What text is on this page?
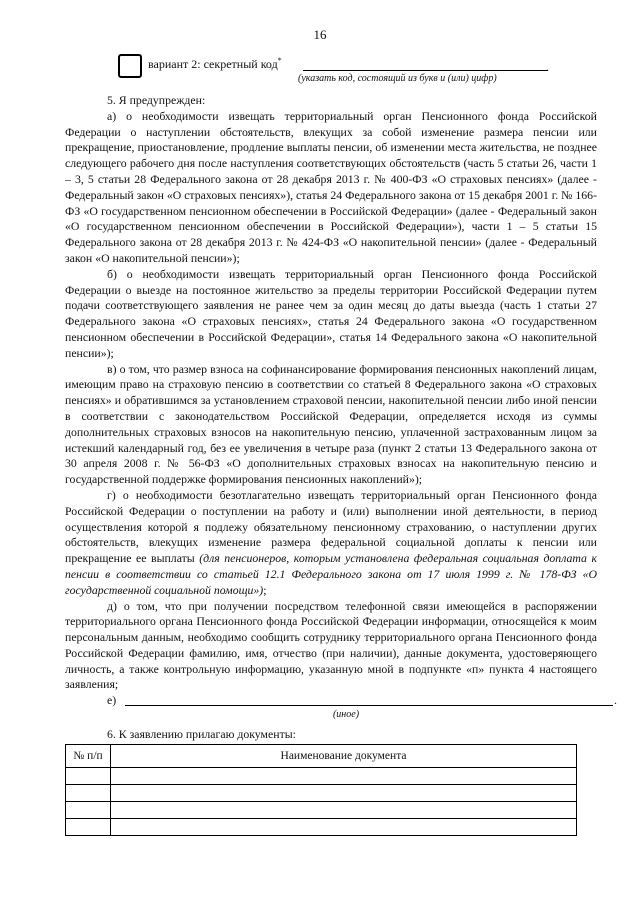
16
вариант 2: секретный код*	.
(указать код, состоящий из букв и (или) цифр)

5. Я предупрежден:

а) о необходимости извещать территориальный орган Пенсионного фонда Российской Федерации о наступлении обстоятельств, влекущих за собой изменение размера пенсии или прекращение, приостановление, продление выплаты пенсии, об изменении места жительства, не позднее следующего рабочего дня после наступления соответствующих обстоятельств (часть 5 статьи 26, части 1 – 3, 5 статьи 28 Федерального закона от 28 декабря 2013 г. № 400-ФЗ «О страховых пенсиях» (далее - Федеральный закон «О страховых пенсиях»), статья 24 Федерального закона от 15 декабря 2001 г. № 166-ФЗ «О государственном пенсионном обеспечении в Российской Федерации» (далее - Федеральный закон «О государственном пенсионном обеспечении в Российской Федерации»), части 1 – 5 статьи 15 Федерального закона от 28 декабря 2013 г. № 424-ФЗ «О накопительной пенсии» (далее - Федеральный закон «О накопительной пенсии»);

б) о необходимости извещать территориальный орган Пенсионного фонда Российской Федерации о выезде на постоянное жительство за пределы территории Российской Федерации путем подачи соответствующего заявления не ранее чем за один месяц до даты выезда (часть 1 статьи 27 Федерального закона «О страховых пенсиях», статья 24 Федерального закона «О государственном пенсионном обеспечении в Российской Федерации», статья 14 Федерального закона «О накопительной пенсии»);

в) о том, что размер взноса на софинансирование формирования пенсионных накоплений лицам, имеющим право на страховую пенсию в соответствии со статьей 8 Федерального закона «О страховых пенсиях» и обратившимся за установлением страховой пенсии, накопительной пенсии либо иной пенсии в соответствии с законодательством Российской Федерации, определяется исходя из суммы дополнительных страховых взносов на накопительную пенсию, уплаченной застрахованным лицом за истекший календарный год, без ее увеличения в четыре раза (пункт 2 статьи 13 Федерального закона от 30 апреля 2008 г. № 56-ФЗ «О дополнительных страховых взносах на накопительную пенсию и государственной поддержке формирования пенсионных накоплений»);

г) о необходимости безотлагательно извещать территориальный орган Пенсионного фонда Российской Федерации о поступлении на работу и (или) выполнении иной деятельности, в период осуществления которой я подлежу обязательному пенсионному страхованию, о наступлении других обстоятельств, влекущих изменение размера федеральной социальной доплаты к пенсии или прекращение ее выплаты (для пенсионеров, которым установлена федеральная социальная доплата к пенсии в соответствии со статьей 12.1 Федерального закона от 17 июля 1999 г. № 178-ФЗ «О государственной социальной помощи»);

д) о том, что при получении посредством телефонной связи имеющейся в распоряжении территориального органа Пенсионного фонда Российской Федерации информации, относящейся к моим персональным данным, необходимо сообщить сотруднику территориального органа Пенсионного фонда Российской Федерации фамилию, имя, отчество (при наличии), данные документа, удостоверяющего личность, а также контрольную информацию, указанную мной в подпункте «п» пункта 4 настоящего заявления;

е)	.
(иное)

6. К заявлению прилагаю документы:

№ п/п	Наименование документа
